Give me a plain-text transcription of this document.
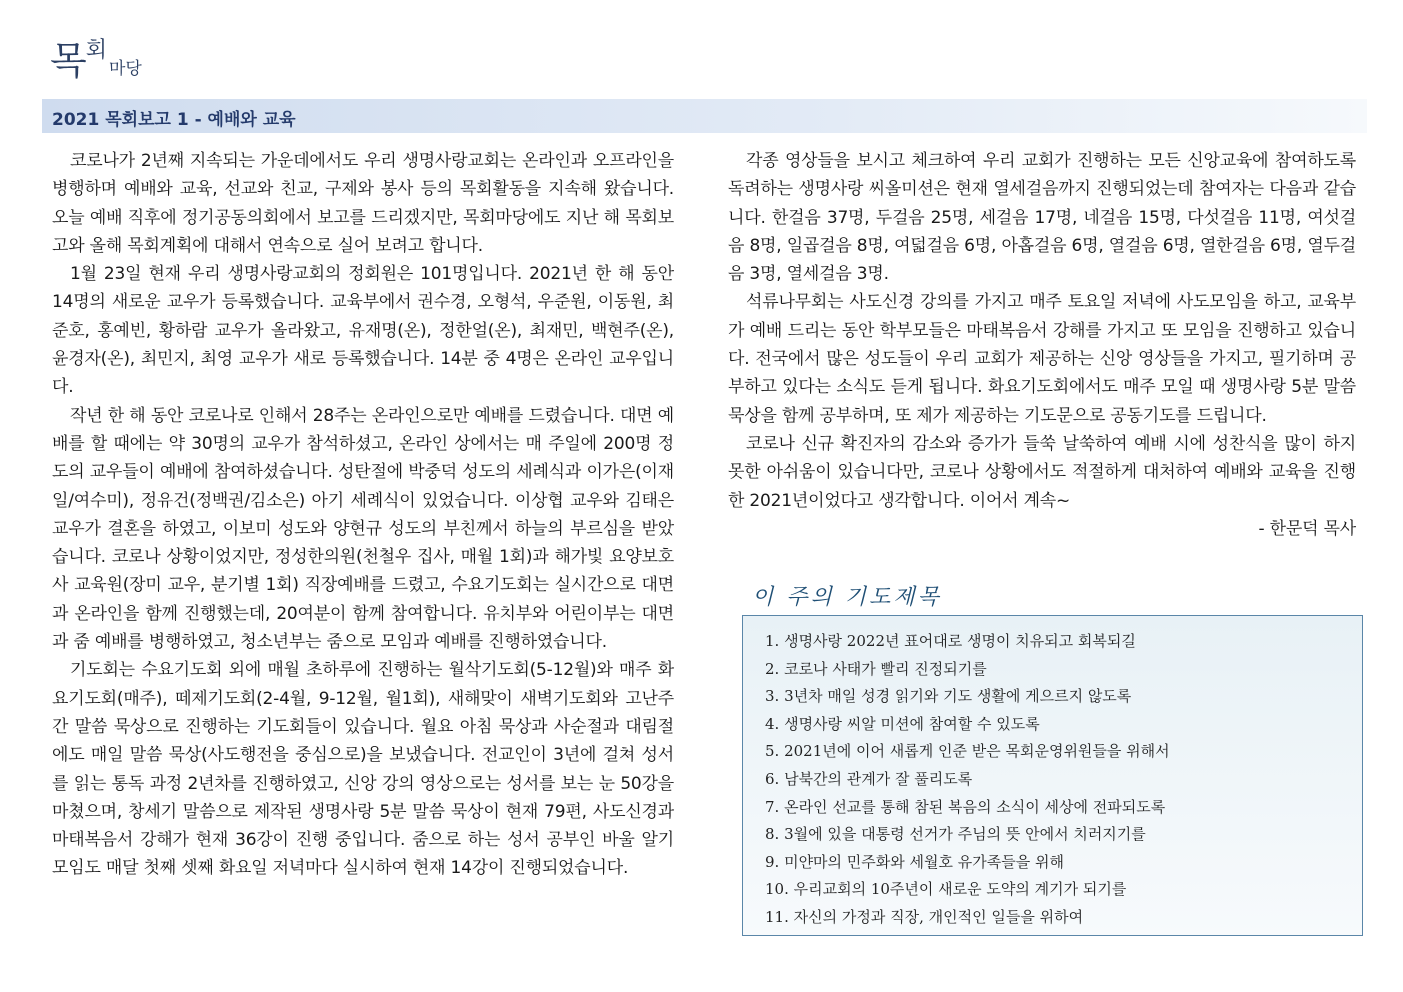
목 회
마당
2021 목회보고 1 - 예배와 교육

코로나가 2년째 지속되는 가운데에서도 우리 생명사랑교회는 온라인과 오프라인을 병행하며 예배와 교육, 선교와 친교, 구제와 봉사 등의 목회활동을 지속해 왔습니다. 오늘 예배 직후에 정기공동의회에서 보고를 드리겠지만, 목회마당에도 지난 해 목회보고와 올해 목회계획에 대해서 연속으로 실어 보려고 합니다.

1월 23일 현재 우리 생명사랑교회의 정회원은 101명입니다. 2021년 한 해 동안 14명의 새로운 교우가 등록했습니다. 교육부에서 권수경, 오형석, 우준원, 이동원, 최준호, 홍예빈, 황하람 교우가 올라왔고, 유재명(온), 정한얼(온), 최재민, 백현주(온), 윤경자(온), 최민지, 최영 교우가 새로 등록했습니다. 14분 중 4명은 온라인 교우입니다.

작년 한 해 동안 코로나로 인해서 28주는 온라인으로만 예배를 드렸습니다. 대면 예배를 할 때에는 약 30명의 교우가 참석하셨고, 온라인 상에서는 매 주일에 200명 정도의 교우들이 예배에 참여하셨습니다. 성탄절에 박중덕 성도의 세례식과 이가은(이재일/여수미), 정유건(정백권/김소은) 아기 세례식이 있었습니다. 이상협 교우와 김태은 교우가 결혼을 하였고, 이보미 성도와 양현규 성도의 부친께서 하늘의 부르심을 받았습니다. 코로나 상황이었지만, 정성한의원(천철우 집사, 매월 1회)과 해가빛 요양보호사 교육원(장미 교우, 분기별 1회) 직장예배를 드렸고, 수요기도회는 실시간으로 대면과 온라인을 함께 진행했는데, 20여분이 함께 참여합니다. 유치부와 어린이부는 대면과 줌 예배를 병행하였고, 청소년부는 줌으로 모임과 예배를 진행하였습니다.

기도회는 수요기도회 외에 매월 초하루에 진행하는 월삭기도회(5-12월)와 매주 화요기도회(매주), 떼제기도회(2-4월, 9-12월, 월1회), 새해맞이 새벽기도회와 고난주간 말씀 묵상으로 진행하는 기도회들이 있습니다. 월요 아침 묵상과 사순절과 대림절에도 매일 말씀 묵상(사도행전을 중심으로)을 보냈습니다. 전교인이 3년에 걸쳐 성서를 읽는 통독 과정 2년차를 진행하였고, 신앙 강의 영상으로는 성서를 보는 눈 50강을 마쳤으며, 창세기 말씀으로 제작된 생명사랑 5분 말씀 묵상이 현재 79편, 사도신경과 마태복음서 강해가 현재 36강이 진행 중입니다. 줌으로 하는 성서 공부인 바울 알기 모임도 매달 첫째 셋째 화요일 저녁마다 실시하여 현재 14강이 진행되었습니다.

각종 영상들을 보시고 체크하여 우리 교회가 진행하는 모든 신앙교육에 참여하도록 독려하는 생명사랑 씨올미션은 현재 열세걸음까지 진행되었는데 참여자는 다음과 같습니다. 한걸음 37명, 두걸음 25명, 세걸음 17명, 네걸음 15명, 다섯걸음 11명, 여섯걸음 8명, 일곱걸음 8명, 여덟걸음 6명, 아홉걸음 6명, 열걸음 6명, 열한걸음 6명, 열두걸음 3명, 열세걸음 3명.

석류나무회는 사도신경 강의를 가지고 매주 토요일 저녁에 사도모임을 하고, 교육부가 예배 드리는 동안 학부모들은 마태복음서 강해를 가지고 또 모임을 진행하고 있습니다. 전국에서 많은 성도들이 우리 교회가 제공하는 신앙 영상들을 가지고, 필기하며 공부하고 있다는 소식도 듣게 됩니다. 화요기도회에서도 매주 모일 때 생명사랑 5분 말씀 묵상을 함께 공부하며, 또 제가 제공하는 기도문으로 공동기도를 드립니다.

코로나 신규 확진자의 감소와 증가가 들쑥 날쑥하여 예배 시에 성찬식을 많이 하지 못한 아쉬움이 있습니다만, 코로나 상황에서도 적절하게 대처하여 예배와 교육을 진행한 2021년이었다고 생각합니다. 이어서 계속~

- 한문덕 목사

이 주의 기도제목
1. 생명사랑 2022년 표어대로 생명이 치유되고 회복되길
2. 코로나 사태가 빨리 진정되기를
3. 3년차 매일 성경 읽기와 기도 생활에 게으르지 않도록
4. 생명사랑 씨알 미션에 참여할 수 있도록
5. 2021년에 이어 새롭게 인준 받은 목회운영위원들을 위해서
6. 남북간의 관계가 잘 풀리도록
7. 온라인 선교를 통해 참된 복음의 소식이 세상에 전파되도록
8. 3월에 있을 대통령 선거가 주님의 뜻 안에서 치러지기를
9. 미얀마의 민주화와 세월호 유가족들을 위해
10. 우리교회의 10주년이 새로운 도약의 계기가 되기를
11. 자신의 가정과 직장, 개인적인 일들을 위하여
